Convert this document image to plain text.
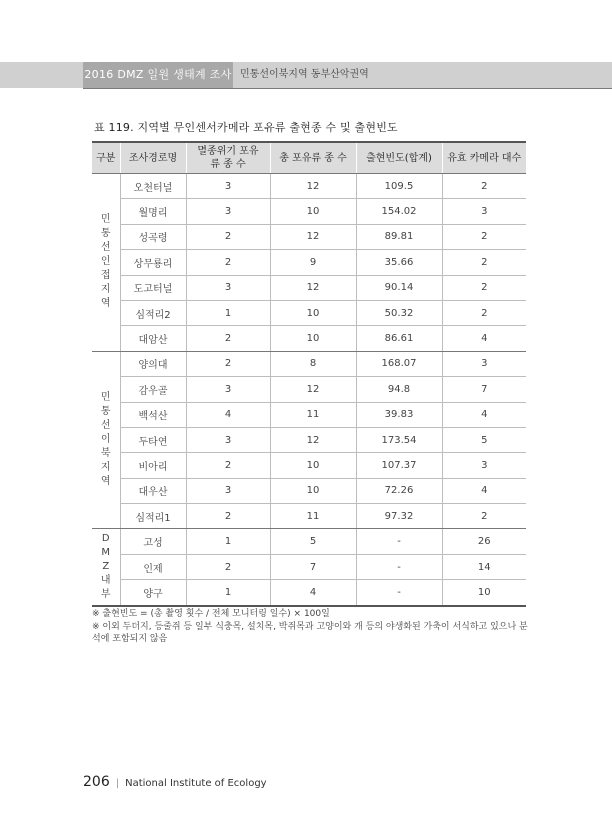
2016 DMZ 일원 생태계 조사 민통선이북지역 동부산악권역
표 119. 지역별 무인센서카메라 포유류 출현종 수 및 출현빈도
구분	조사경로명	멸종위기 포유류 종 수	총 포유류 종 수	출현빈도(합계)	유효 카메라 대수
민통선인접지역	오천터널	3	12	109.5	2
	월명리	3	10	154.02	3
	성곡령	2	12	89.81	2
	상무룡리	2	9	35.66	2
	도고터널	3	12	90.14	2
	심적리2	1	10	50.32	2
	대암산	2	10	86.61	4
민통선이북지역	양의대	2	8	168.07	3
	감우골	3	12	94.8	7
	백석산	4	11	39.83	4
	두타연	3	12	173.54	5
	비아리	2	10	107.37	3
	대우산	3	10	72.26	4
	심적리1	2	11	97.32	2
DMZ내부	고성	1	5	-	26
	인제	2	7	-	14
	양구	1	4	-	10
※ 출현빈도 = (총 촬영 횟수 / 전체 모니터링 일수) × 100일
※ 이외 두더지, 등줄쥐 등 일부 식충목, 설치목, 박쥐목과 고양이와 개 등의 야생화된 가축이 서식하고 있으나 분석에 포함되지 않음
206 | National Institute of Ecology
